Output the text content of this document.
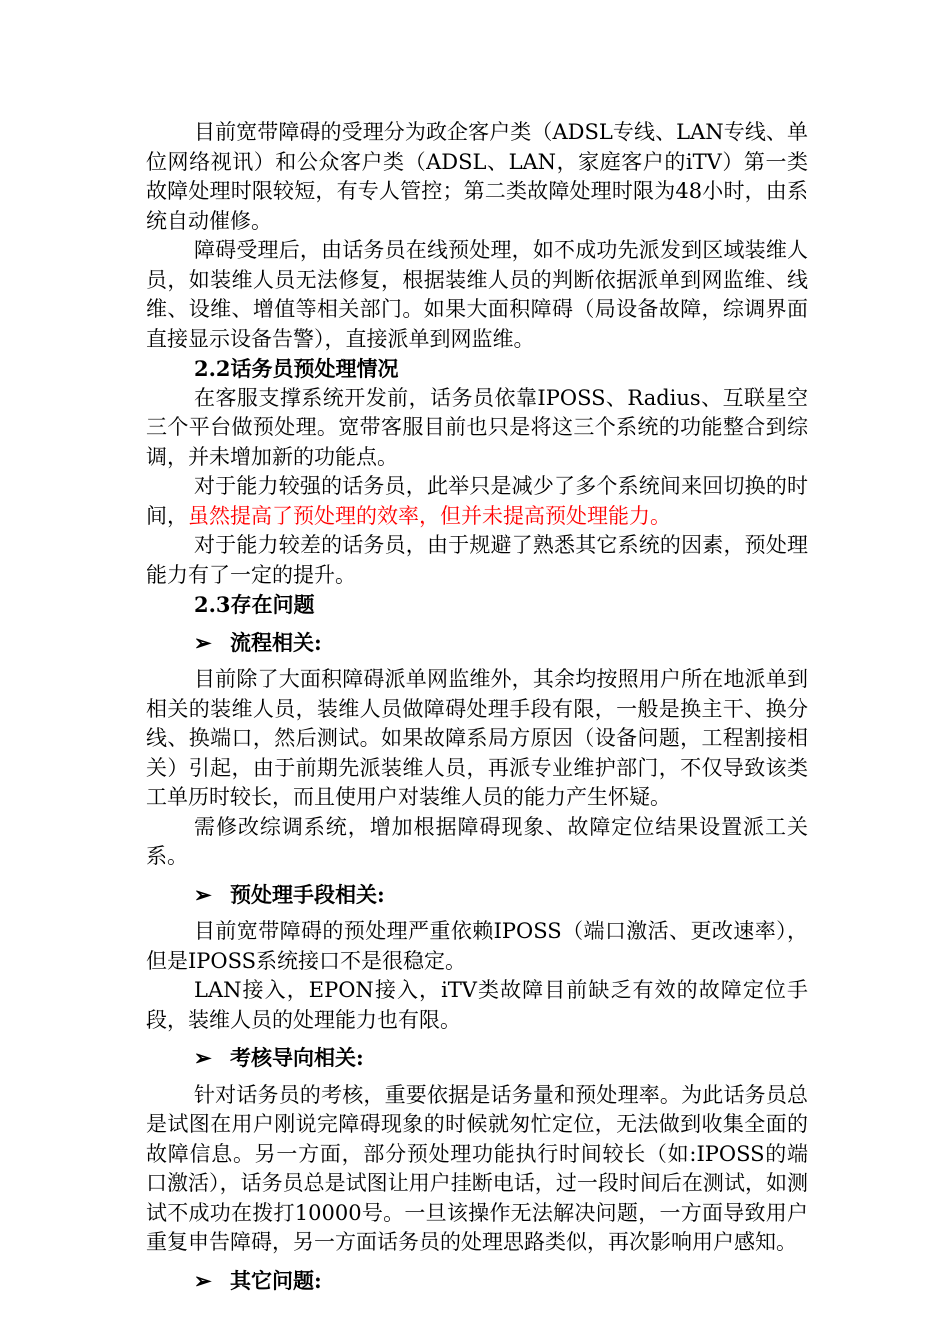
目前宽带障碍的受理分为政企客户类（ADSL专线、LAN专线、单位网络视讯）和公众客户类（ADSL、LAN，家庭客户的iTV）第一类故障处理时限较短，有专人管控；第二类故障处理时限为48小时，由系统自动催修。

障碍受理后，由话务员在线预处理，如不成功先派发到区域装维人员，如装维人员无法修复，根据装维人员的判断依据派单到网监维、线维、设维、增值等相关部门。如果大面积障碍（局设备故障，综调界面直接显示设备告警），直接派单到网监维。

2.2话务员预处理情况

在客服支撑系统开发前，话务员依靠IPOSS、Radius、互联星空三个平台做预处理。宽带客服目前也只是将这三个系统的功能整合到综调，并未增加新的功能点。

对于能力较强的话务员，此举只是减少了多个系统间来回切换的时间，虽然提高了预处理的效率，但并未提高预处理能力。

对于能力较差的话务员，由于规避了熟悉其它系统的因素，预处理能力有了一定的提升。

2.3存在问题

➢ 流程相关:

目前除了大面积障碍派单网监维外，其余均按照用户所在地派单到相关的装维人员，装维人员做障碍处理手段有限，一般是换主干、换分线、换端口，然后测试。如果故障系局方原因（设备问题，工程割接相关）引起，由于前期先派装维人员，再派专业维护部门，不仅导致该类工单历时较长，而且使用户对装维人员的能力产生怀疑。

需修改综调系统，增加根据障碍现象、故障定位结果设置派工关系。

➢ 预处理手段相关:

目前宽带障碍的预处理严重依赖IPOSS（端口激活、更改速率），但是IPOSS系统接口不是很稳定。

LAN接入，EPON接入，iTV类故障目前缺乏有效的故障定位手段，装维人员的处理能力也有限。

➢ 考核导向相关:

针对话务员的考核，重要依据是话务量和预处理率。为此话务员总是试图在用户刚说完障碍现象的时候就匆忙定位，无法做到收集全面的故障信息。另一方面，部分预处理功能执行时间较长（如:IPOSS的端口激活），话务员总是试图让用户挂断电话，过一段时间后在测试，如测试不成功在拨打10000号。一旦该操作无法解决问题，一方面导致用户重复申告障碍，另一方面话务员的处理思路类似，再次影响用户感知。

➢ 其它问题:
